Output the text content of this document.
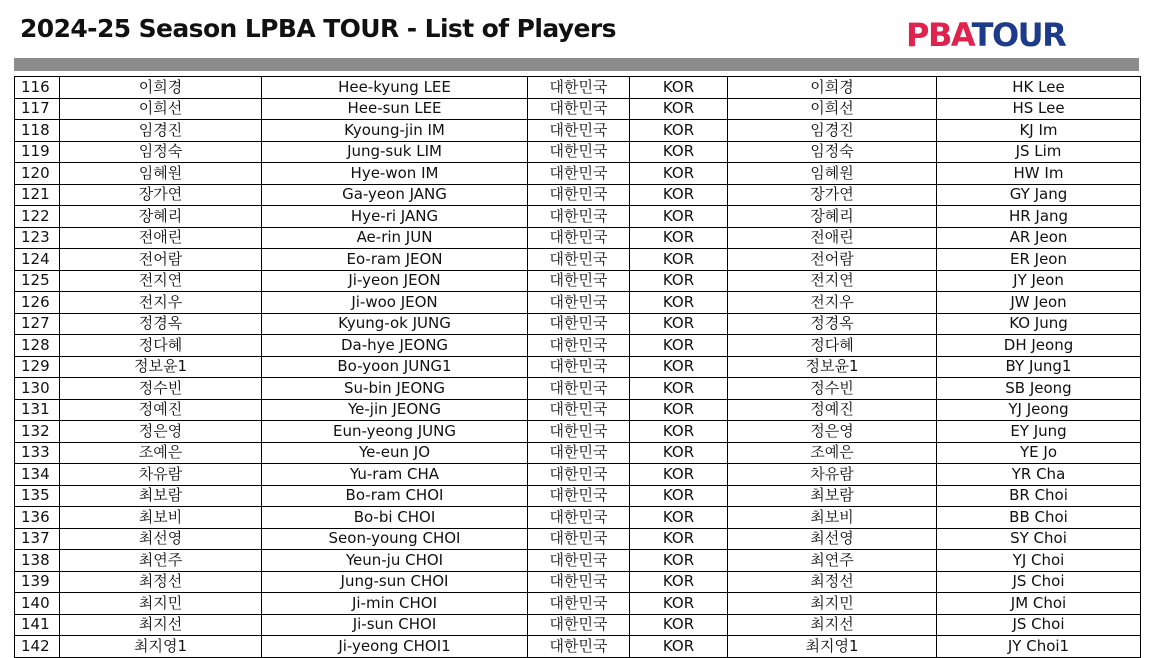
2024-25 Season LPBA TOUR - List of Players	PBATOUR
116	이희경	Hee-kyung LEE	대한민국	KOR	이희경	HK Lee
117	이희선	Hee-sun LEE	대한민국	KOR	이희선	HS Lee
118	임경진	Kyoung-jin IM	대한민국	KOR	임경진	KJ Im
119	임정숙	Jung-suk LIM	대한민국	KOR	임정숙	JS Lim
120	임혜원	Hye-won IM	대한민국	KOR	임혜원	HW Im
121	장가연	Ga-yeon JANG	대한민국	KOR	장가연	GY Jang
122	장혜리	Hye-ri JANG	대한민국	KOR	장혜리	HR Jang
123	전애린	Ae-rin JUN	대한민국	KOR	전애린	AR Jeon
124	전어람	Eo-ram JEON	대한민국	KOR	전어람	ER Jeon
125	전지연	Ji-yeon JEON	대한민국	KOR	전지연	JY Jeon
126	전지우	Ji-woo JEON	대한민국	KOR	전지우	JW Jeon
127	정경옥	Kyung-ok JUNG	대한민국	KOR	정경옥	KO Jung
128	정다혜	Da-hye JEONG	대한민국	KOR	정다혜	DH Jeong
129	정보윤1	Bo-yoon JUNG1	대한민국	KOR	정보윤1	BY Jung1
130	정수빈	Su-bin JEONG	대한민국	KOR	정수빈	SB Jeong
131	정예진	Ye-jin JEONG	대한민국	KOR	정예진	YJ Jeong
132	정은영	Eun-yeong JUNG	대한민국	KOR	정은영	EY Jung
133	조예은	Ye-eun JO	대한민국	KOR	조예은	YE Jo
134	차유람	Yu-ram CHA	대한민국	KOR	차유람	YR Cha
135	최보람	Bo-ram CHOI	대한민국	KOR	최보람	BR Choi
136	최보비	Bo-bi CHOI	대한민국	KOR	최보비	BB Choi
137	최선영	Seon-young CHOI	대한민국	KOR	최선영	SY Choi
138	최연주	Yeun-ju CHOI	대한민국	KOR	최연주	YJ Choi
139	최정선	Jung-sun CHOI	대한민국	KOR	최정선	JS Choi
140	최지민	Ji-min CHOI	대한민국	KOR	최지민	JM Choi
141	최지선	Ji-sun CHOI	대한민국	KOR	최지선	JS Choi
142	최지영1	Ji-yeong CHOI1	대한민국	KOR	최지영1	JY Choi1
